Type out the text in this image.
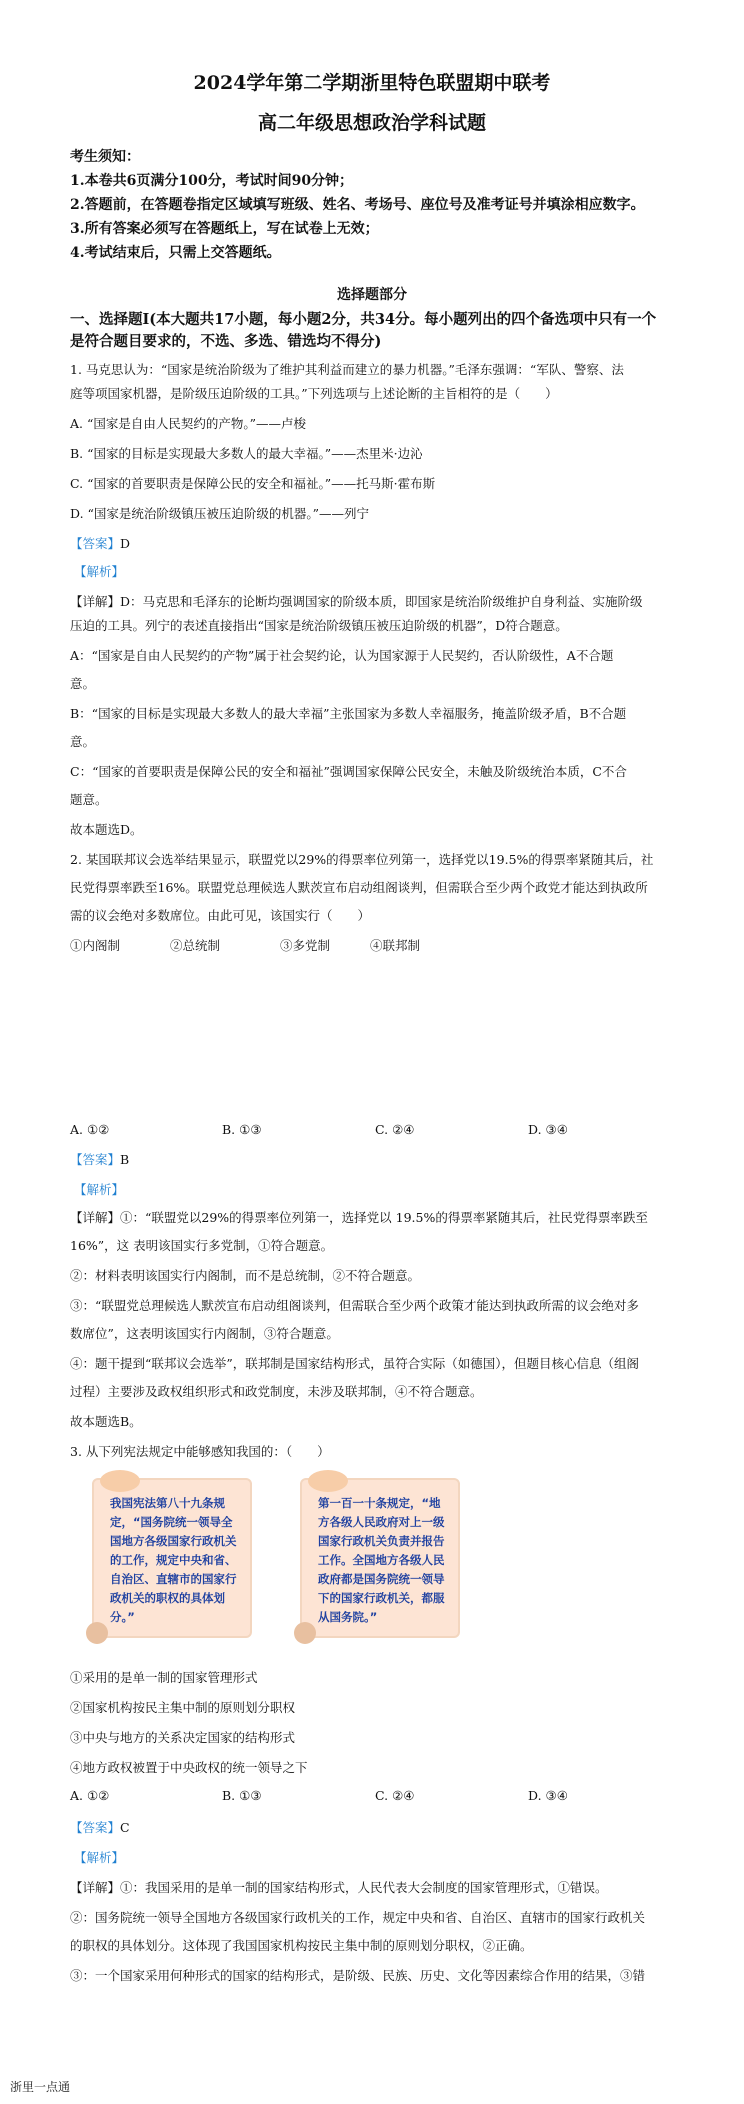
2024学年第二学期浙里特色联盟期中联考
高二年级思想政治学科试题
考生须知：
1.本卷共6页满分100分，考试时间90分钟；
2.答题前，在答题卷指定区域填写班级、姓名、考场号、座位号及准考证号并填涂相应数字。
3.所有答案必须写在答题纸上，写在试卷上无效；
4.考试结束后，只需上交答题纸。
选择题部分
一、选择题Ⅰ(本大题共17小题，每小题2分，共34分。每小题列出的四个备选项中只有一个
是符合题目要求的，不选、多选、错选均不得分)
1. 马克思认为：“国家是统治阶级为了维护其利益而建立的暴力机器。”毛泽东强调：“军队、警察、法
庭等项国家机器，是阶级压迫阶级的工具。”下列选项与上述论断的主旨相符的是（　　）
A. “国家是自由人民契约的产物。”——卢梭
B. “国家的目标是实现最大多数人的最大幸福。”——杰里米·边沁
C. “国家的首要职责是保障公民的安全和福祉。”——托马斯·霍布斯
D. “国家是统治阶级镇压被压迫阶级的机器。”——列宁
【答案】D
【解析】
【详解】D：马克思和毛泽东的论断均强调国家的阶级本质，即国家是统治阶级维护自身利益、实施阶级
压迫的工具。列宁的表述直接指出“国家是统治阶级镇压被压迫阶级的机器”，D符合题意。
A：“国家是自由人民契约的产物”属于社会契约论，认为国家源于人民契约，否认阶级性，A不合题
意。
B：“国家的目标是实现最大多数人的最大幸福”主张国家为多数人幸福服务，掩盖阶级矛盾，B不合题
意。
C：“国家的首要职责是保障公民的安全和福祉”强调国家保障公民安全，未触及阶级统治本质，C不合
题意。
故本题选D。
2. 某国联邦议会选举结果显示，联盟党以29%的得票率位列第一，选择党以19.5%的得票率紧随其后，社
民党得票率跌至16%。联盟党总理候选人默茨宣布启动组阁谈判，但需联合至少两个政党才能达到执政所
需的议会绝对多数席位。由此可见，该国实行（　　）
①内阁制	②总统制	③多党制	④联邦制
A. ①②	B. ①③	C. ②④	D. ③④
【答案】B
【解析】
【详解】①：“联盟党以29%的得票率位列第一，选择党以 19.5%的得票率紧随其后，社民党得票率跌至
16%”，这 表明该国实行多党制，①符合题意。
②：材料表明该国实行内阁制，而不是总统制，②不符合题意。
③：“联盟党总理候选人默茨宣布启动组阁谈判，但需联合至少两个政策才能达到执政所需的议会绝对多
数席位”，这表明该国实行内阁制，③符合题意。
④：题干提到“联邦议会选举”，联邦制是国家结构形式，虽符合实际（如德国），但题目核心信息（组阁
过程）主要涉及政权组织形式和政党制度，未涉及联邦制，④不符合题意。
故本题选B。
3. 从下列宪法规定中能够感知我国的：（　　）
我国宪法第八十九条规定，“国务院统一领导全国地方各级国家行政机关的工作，规定中央和省、自治区、直辖市的国家行政机关的职权的具体划分。”
第一百一十条规定，“地方各级人民政府对上一级国家行政机关负责并报告工作。全国地方各级人民政府都是国务院统一领导下的国家行政机关，都服从国务院。”
①采用的是单一制的国家管理形式
②国家机构按民主集中制的原则划分职权
③中央与地方的关系决定国家的结构形式
④地方政权被置于中央政权的统一领导之下
A. ①②	B. ①③	C. ②④	D. ③④
【答案】C
【解析】
【详解】①：我国采用的是单一制的国家结构形式，人民代表大会制度的国家管理形式，①错误。
②：国务院统一领导全国地方各级国家行政机关的工作，规定中央和省、自治区、直辖市的国家行政机关
的职权的具体划分。这体现了我国国家机构按民主集中制的原则划分职权，②正确。
③：一个国家采用何种形式的国家的结构形式，是阶级、民族、历史、文化等因素综合作用的结果，③错
浙里一点通
